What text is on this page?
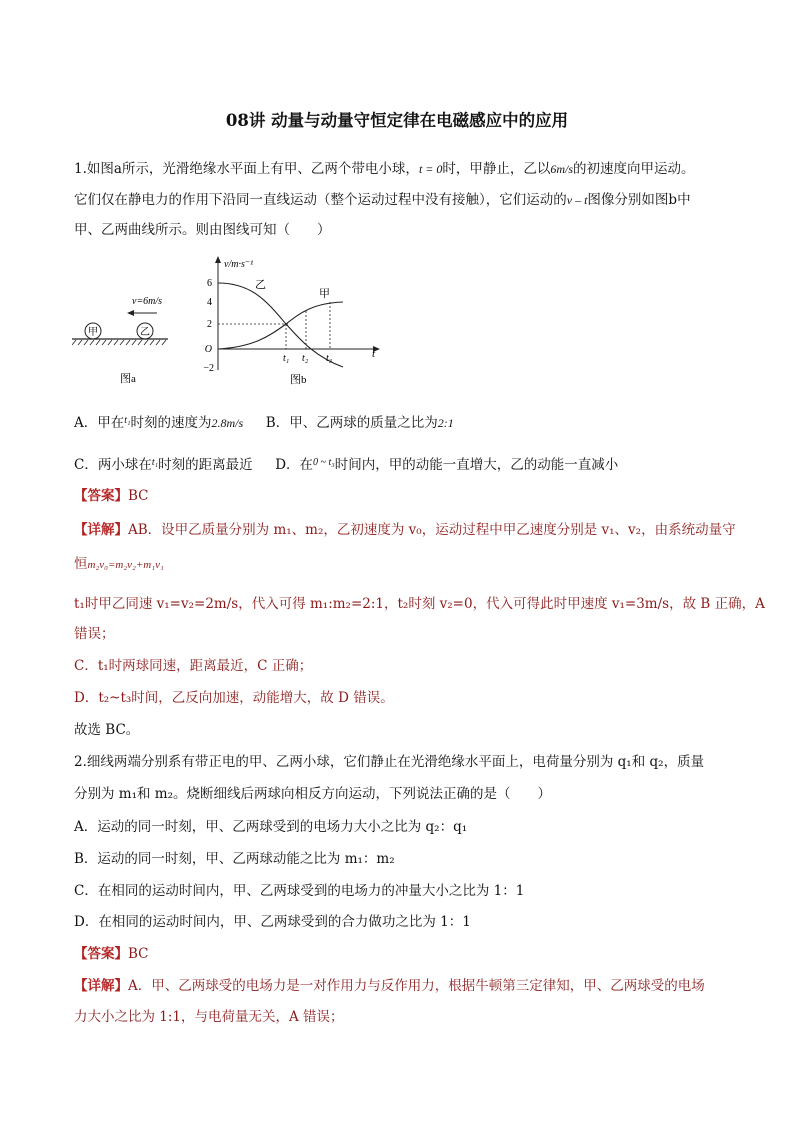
08讲 动量与动量守恒定律在电磁感应中的应用
1.如图a所示，光滑绝缘水平面上有甲、乙两个带电小球，t = 0时，甲静止，乙以6m/s的初速度向甲运动。
它们仅在静电力的作用下沿同一直线运动（整个运动过程中没有接触），它们运动的v – t图像分别如图b中
甲、乙两曲线所示。则由图线可知（　　）
甲	乙
v=6m/s
图a
v/m·s⁻¹
6
4
2
O
−2
乙
甲
t₁ t₂ t₃	t
图b
A．甲在$^{t_1}$时刻的速度为2.8m/s B．甲、乙两球的质量之比为2:1
C．两小球在$^{t_1}$时刻的距离最近 D．在$^{0 \sim t_3}$时间内，甲的动能一直增大，乙的动能一直减小
【答案】BC
【详解】AB．设甲乙质量分别为 m₁、m₂，乙初速度为 v₀，运动过程中甲乙速度分别是 v₁、v₂，由系统动量守
恒m₂v₀=m₂v₂+m₁v₁
t₁时甲乙同速 v₁=v₂=2m/s，代入可得 m₁:m₂=2:1，t₂时刻 v₂=0，代入可得此时甲速度 v₁=3m/s，故 B 正确，A
错误；
C．t₁时两球同速，距离最近，C 正确；
D．t₂~t₃时间，乙反向加速，动能增大，故 D 错误。
故选 BC。
2.细线两端分别系有带正电的甲、乙两小球，它们静止在光滑绝缘水平面上，电荷量分别为 q₁和 q₂，质量
分别为 m₁和 m₂。烧断细线后两球向相反方向运动，下列说法正确的是（　　）
A．运动的同一时刻，甲、乙两球受到的电场力大小之比为 q₂：q₁
B．运动的同一时刻，甲、乙两球动能之比为 m₁：m₂
C．在相同的运动时间内，甲、乙两球受到的电场力的冲量大小之比为 1：1
D．在相同的运动时间内，甲、乙两球受到的合力做功之比为 1：1
【答案】BC
【详解】A．甲、乙两球受的电场力是一对作用力与反作用力，根据牛顿第三定律知，甲、乙两球受的电场
力大小之比为 1:1，与电荷量无关，A 错误；
